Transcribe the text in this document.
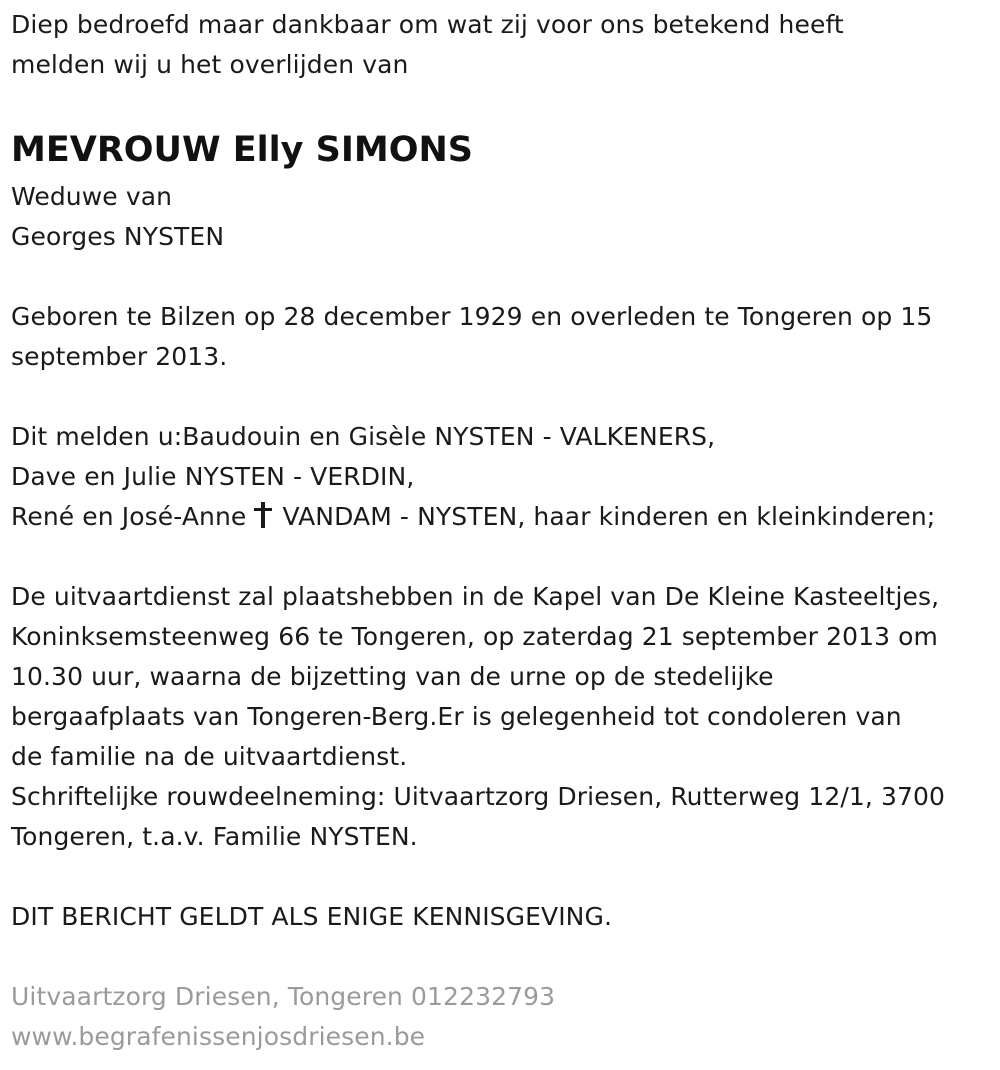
Diep bedroefd maar dankbaar om wat zij voor ons betekend heeft
melden wij u het overlijden van
MEVROUW Elly SIMONS
Weduwe van
Georges NYSTEN
Geboren te Bilzen op 28 december 1929 en overleden te Tongeren op 15
september 2013.
Dit melden u:Baudouin en Gisèle NYSTEN - VALKENERS,
Dave en Julie NYSTEN - VERDIN,
René en José-Anne
VANDAM - NYSTEN, haar kinderen en kleinkinderen;
De uitvaartdienst zal plaatshebben in de Kapel van De Kleine Kasteeltjes,
Koninksemsteenweg 66 te Tongeren, op zaterdag 21 september 2013 om
10.30 uur, waarna de bijzetting van de urne op de stedelijke
bergaafplaats van Tongeren-Berg.Er is gelegenheid tot condoleren van
de familie na de uitvaartdienst.
Schriftelijke rouwdeelneming: Uitvaartzorg Driesen, Rutterweg 12/1, 3700
Tongeren, t.a.v. Familie NYSTEN.
DIT BERICHT GELDT ALS ENIGE KENNISGEVING.
Uitvaartzorg Driesen, Tongeren 012232793
www.begrafenissenjosdriesen.be
